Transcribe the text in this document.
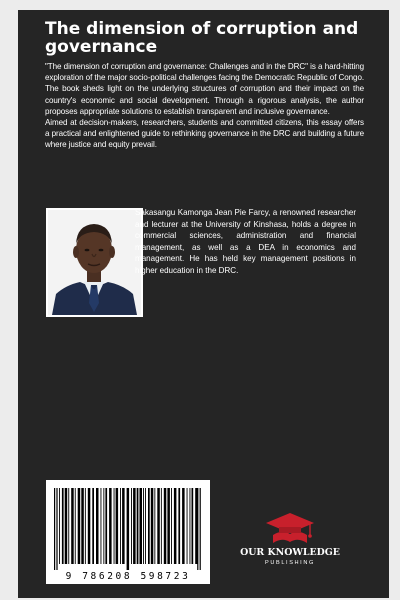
The dimension of corruption and governance

"The dimension of corruption and governance: Challenges and in the DRC" is a hard-hitting exploration of the major socio-political challenges facing the Democratic Republic of Congo. The book sheds light on the underlying structures of corruption and their impact on the country's economic and social development. Through a rigorous analysis, the author proposes appropriate solutions to establish transparent and inclusive governance.

Aimed at decision-makers, researchers, students and committed citizens, this essay offers a practical and enlightened guide to rethinking governance in the DRC and building a future where justice and equity prevail.

Sakasangu Kamonga Jean Pie Farcy, a renowned researcher and lecturer at the University of Kinshasa, holds a degree in commercial sciences, administration and financial management, as well as a DEA in economics and management. He has held key management positions in higher education in the DRC.

9 786208 598723
OUR KNOWLEDGE
PUBLISHING
